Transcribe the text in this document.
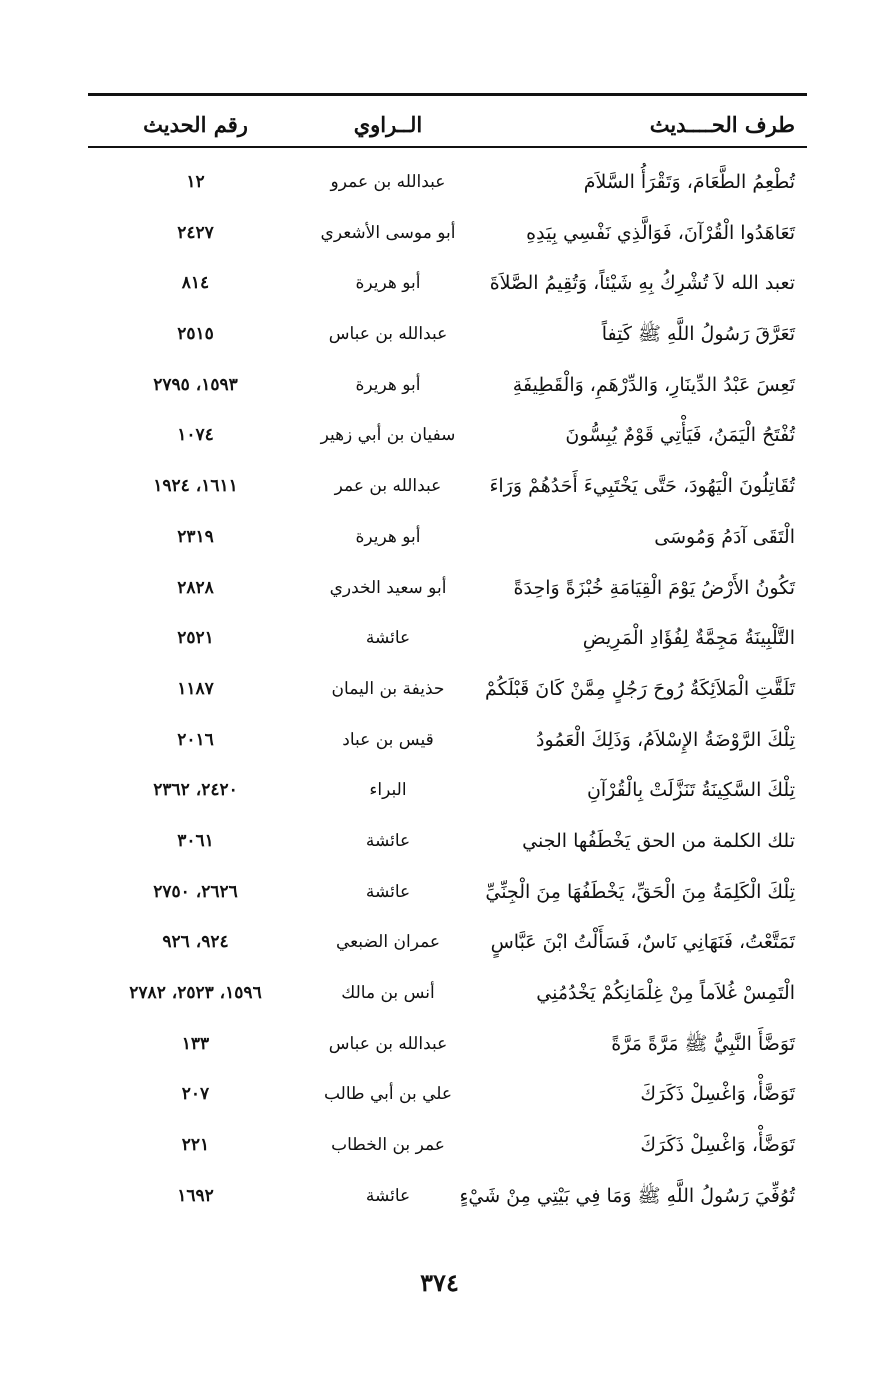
طرف الحــــديث
الــراوي
رقم الحديث
تُطْعِمُ الطَّعَامَ، وَتَقْرَأُ السَّلاَمَ
عبدالله بن عمرو
١٢
تَعَاهَدُوا الْقُرْآنَ، فَوَالَّذِي نَفْسِي بِيَدِهِ
أبو موسى الأشعري
٢٤٢٧
تعبد الله لاَ تُشْرِكُ بِهِ شَيْئاً، وَتُقِيمُ الصَّلاَةَ
أبو هريرة
٨١٤
تَعَرَّقَ رَسُولُ اللَّهِ ﷺ كَتِفاً
عبدالله بن عباس
٢٥١٥
تَعِسَ عَبْدُ الدِّينَارِ، وَالدِّرْهَمِ، وَالْقَطِيفَةِ
أبو هريرة
١٥٩٣، ٢٧٩٥
تُفْتَحُ الْيَمَنُ، فَيَأْتِي قَوْمٌ يُبِسُّونَ
سفيان بن أبي زهير
١٠٧٤
تُقَاتِلُونَ الْيَهُودَ، حَتَّى يَخْتَبِيءَ أَحَدُهُمْ وَرَاءَ
عبدالله بن عمر
١٦١١، ١٩٢٤
الْتَقَى آدَمُ وَمُوسَى
أبو هريرة
٢٣١٩
تَكُونُ الأَرْضُ يَوْمَ الْقِيَامَةِ خُبْزَةً وَاحِدَةً
أبو سعيد الخدري
٢٨٢٨
التَّلْبِينَةُ مَجِمَّةٌ لِفُؤَادِ الْمَرِيضِ
عائشة
٢٥٢١
تَلَقَّتِ الْمَلاَئِكَةُ رُوحَ رَجُلٍ مِمَّنْ كَانَ قَبْلَكُمْ
حذيفة بن اليمان
١١٨٧
تِلْكَ الرَّوْضَةُ الإِسْلاَمُ، وَذَلِكَ الْعَمُودُ
قيس بن عباد
٢٠١٦
تِلْكَ السَّكِينَةُ تَنَزَّلَتْ بِالْقُرْآنِ
البراء
٢٤٢٠، ٢٣٦٢
تلك الكلمة من الحق يَخْطَفُها الجني
عائشة
٣٠٦١
تِلْكَ الْكَلِمَةُ مِنَ الْحَقِّ، يَخْطَفُهَا مِنَ الْجِنِّيِّ
عائشة
٢٦٢٦، ٢٧٥٠
تَمَتَّعْتُ، فَنَهَانِي نَاسٌ، فَسَأَلْتُ ابْنَ عَبَّاسٍ
عمران الضبعي
٩٢٤، ٩٢٦
الْتَمِسْ غُلاَماً مِنْ غِلْمَانِكُمْ يَخْدُمُنِي
أنس بن مالك
١٥٩٦، ٢٥٢٣، ٢٧٨٢
تَوَضَّأَ النَّبِيُّ ﷺ مَرَّةً مَرَّةً
عبدالله بن عباس
١٣٣
تَوَضَّأْ، وَاغْسِلْ ذَكَرَكَ
علي بن أبي طالب
٢٠٧
تَوَضَّأْ، وَاغْسِلْ ذَكَرَكَ
عمر بن الخطاب
٢٢١
تُوُفِّيَ رَسُولُ اللَّهِ ﷺ وَمَا فِي بَيْتِي مِنْ شَيْءٍ
عائشة
١٦٩٢
٣٧٤
